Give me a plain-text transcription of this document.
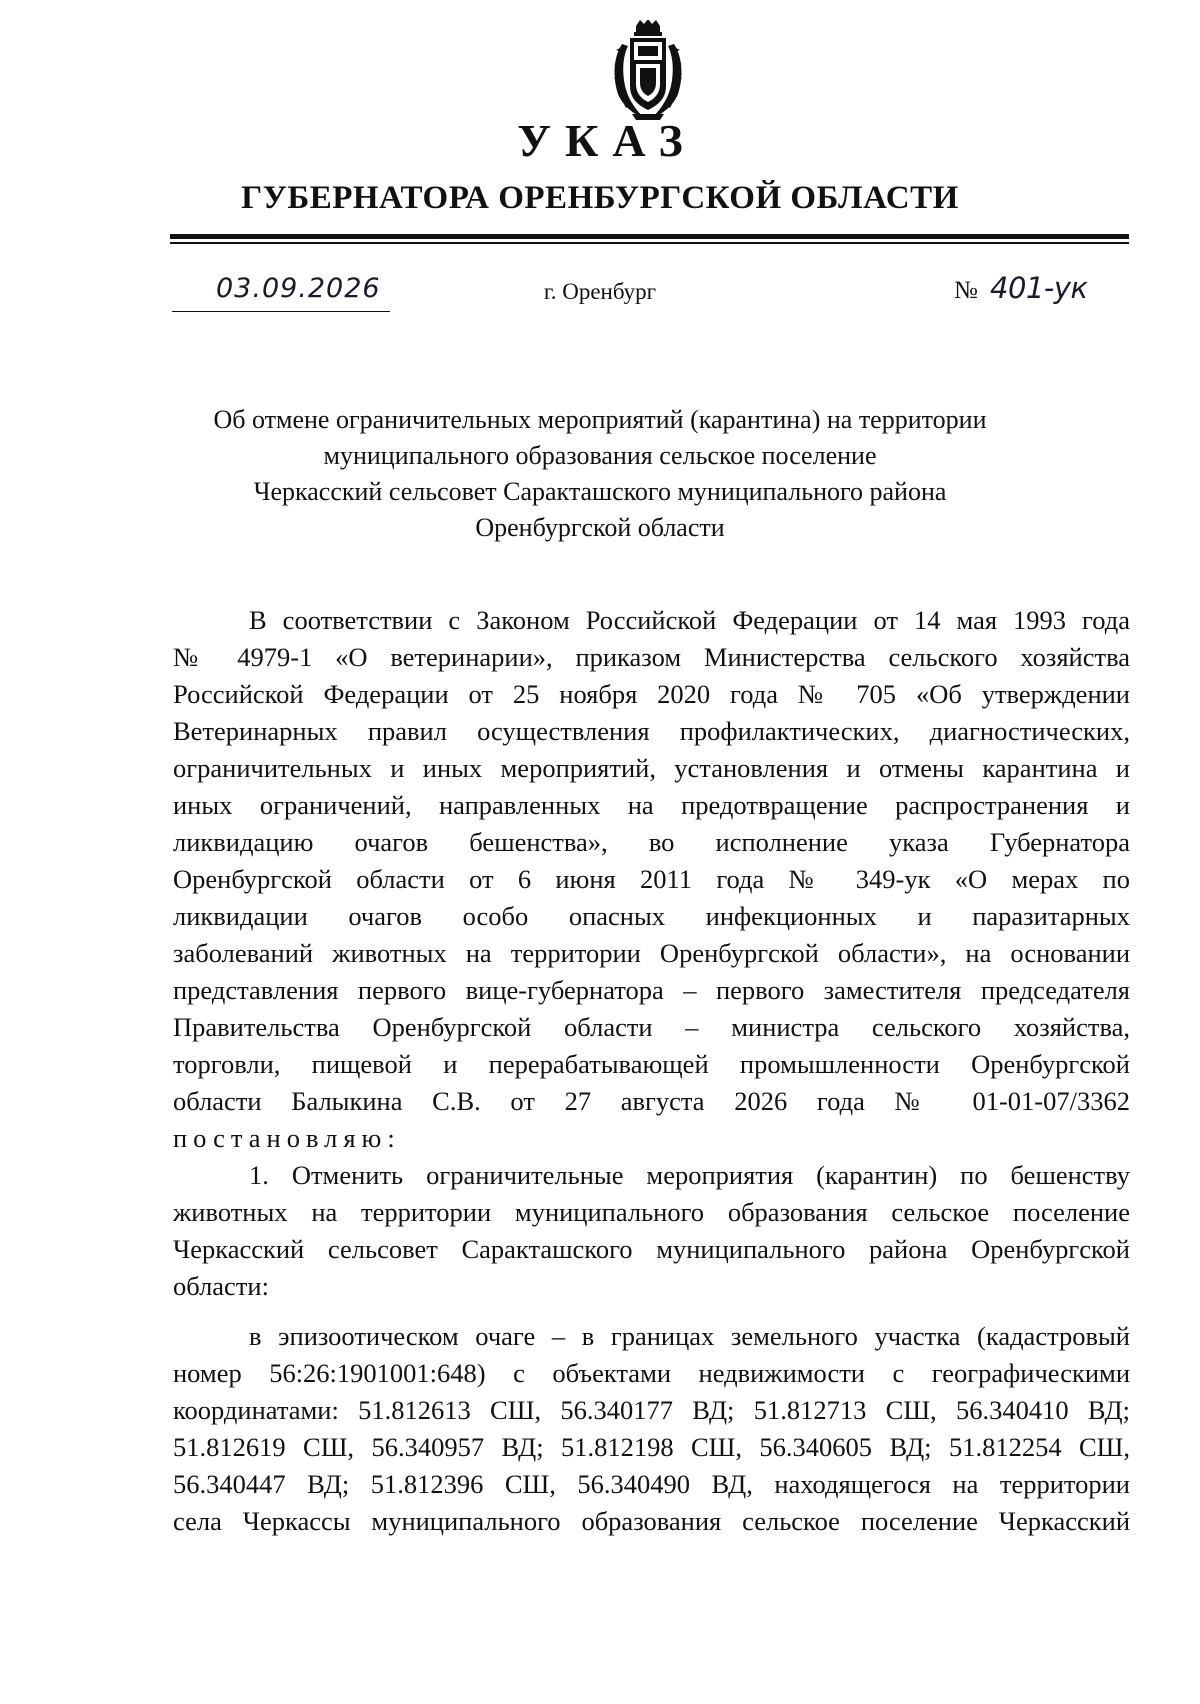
УКАЗ
ГУБЕРНАТОРА ОРЕНБУРГСКОЙ ОБЛАСТИ
03.09.2026	г. Оренбург	№ 401-ук
Об отмене ограничительных мероприятий (карантина) на территории
муниципального образования сельское поселение
Черкасский сельсовет Саракташского муниципального района
Оренбургской области
В соответствии с Законом Российской Федерации от 14 мая 1993 года
№ 4979-1 «О ветеринарии», приказом Министерства сельского хозяйства
Российской Федерации от 25 ноября 2020 года № 705 «Об утверждении
Ветеринарных правил осуществления профилактических, диагностических,
ограничительных и иных мероприятий, установления и отмены карантина и
иных ограничений, направленных на предотвращение распространения и
ликвидацию очагов бешенства», во исполнение указа Губернатора
Оренбургской области от 6 июня 2011 года № 349-ук «О мерах по
ликвидации очагов особо опасных инфекционных и паразитарных
заболеваний животных на территории Оренбургской области», на основании
представления первого вице-губернатора – первого заместителя председателя
Правительства Оренбургской области – министра сельского хозяйства,
торговли, пищевой и перерабатывающей промышленности Оренбургской
области Балыкина С.В. от 27 августа 2026 года № 01-01-07/3362
постановляю:
1. Отменить ограничительные мероприятия (карантин) по бешенству
животных на территории муниципального образования сельское поселение
Черкасский сельсовет Саракташского муниципального района Оренбургской
области:
в эпизоотическом очаге – в границах земельного участка (кадастровый
номер 56:26:1901001:648) с объектами недвижимости с географическими
координатами: 51.812613 СШ, 56.340177 ВД; 51.812713 СШ, 56.340410 ВД;
51.812619 СШ, 56.340957 ВД; 51.812198 СШ, 56.340605 ВД; 51.812254 СШ,
56.340447 ВД; 51.812396 СШ, 56.340490 ВД, находящегося на территории
села Черкассы муниципального образования сельское поселение Черкасский
